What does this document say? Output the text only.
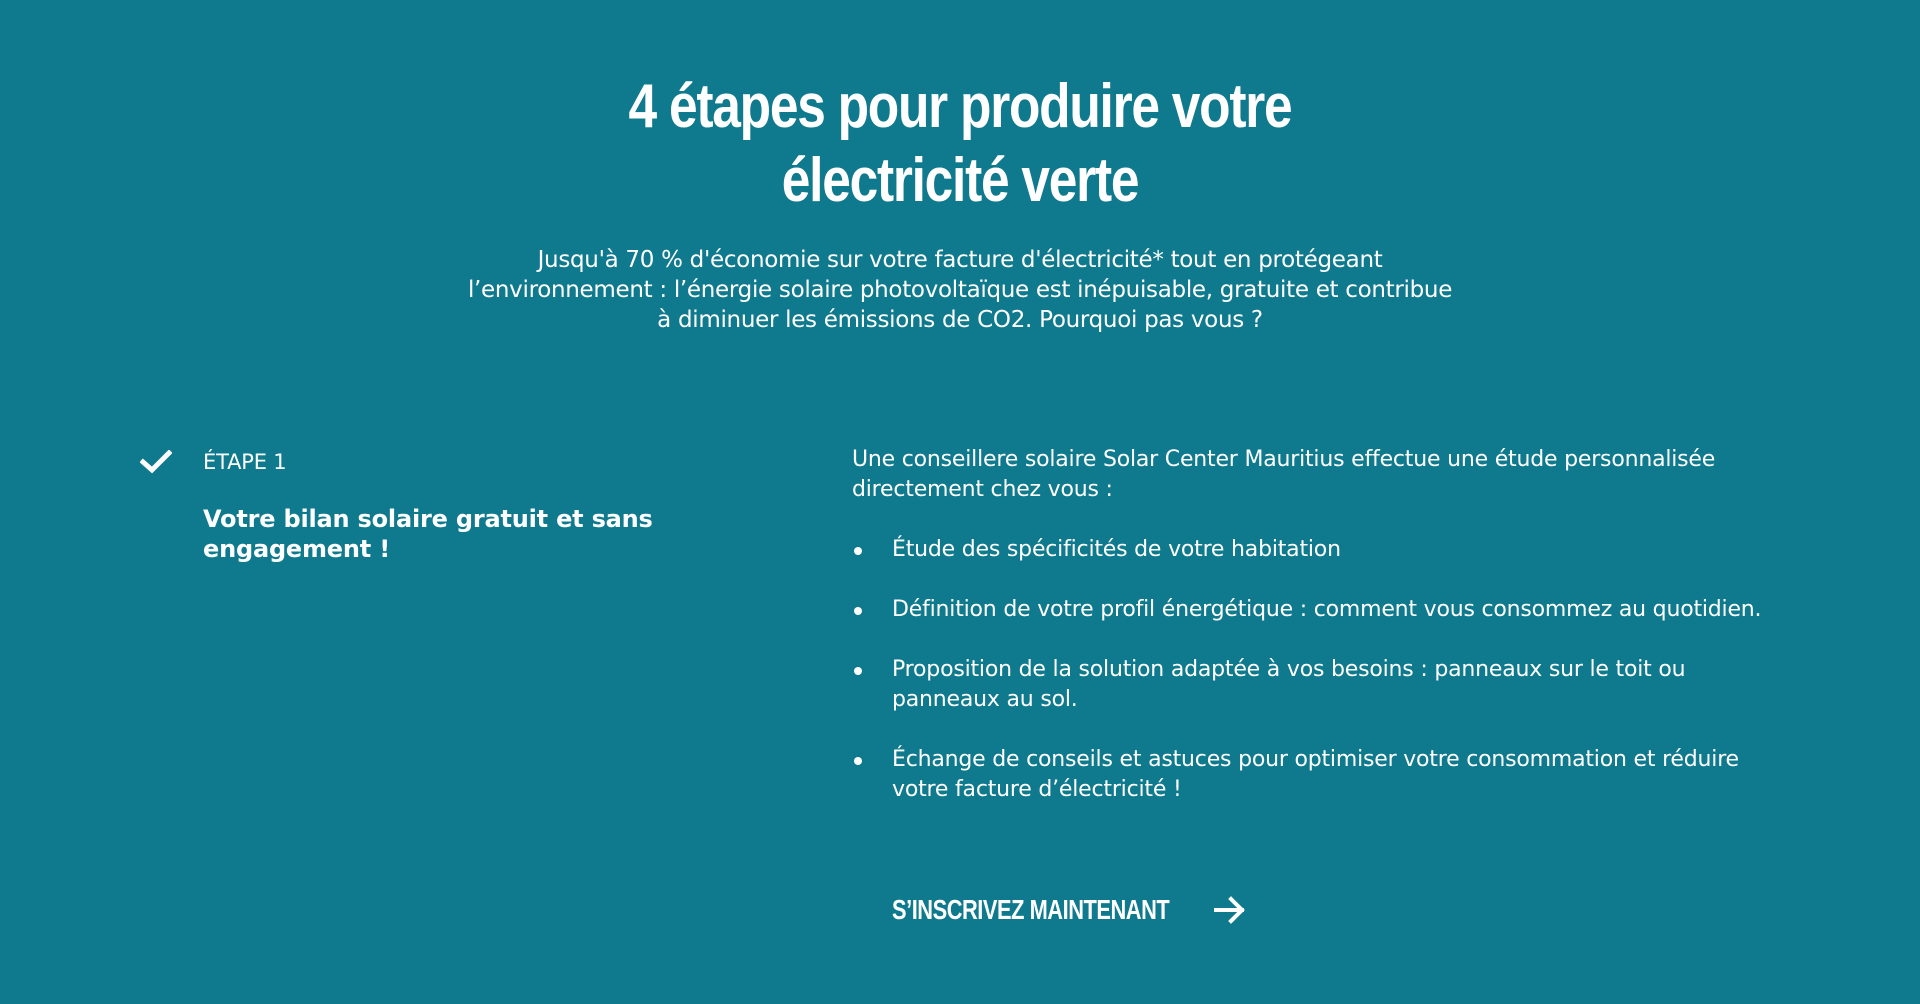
4 étapes pour produire votre
électricité verte

Jusqu'à 70 % d'économie sur votre facture d'électricité* tout en protégeant
l’environnement : l’énergie solaire photovoltaïque est inépuisable, gratuite et contribue
à diminuer les émissions de CO2. Pourquoi pas vous ?

ÉTAPE 1
Votre bilan solaire gratuit et sans engagement !

Une conseillere solaire Solar Center Mauritius effectue une étude personnalisée directement chez vous :

Étude des spécificités de votre habitation
Définition de votre profil énergétique : comment vous consommez au quotidien.
Proposition de la solution adaptée à vos besoins : panneaux sur le toit ou panneaux au sol.
Échange de conseils et astuces pour optimiser votre consommation et réduire votre facture d’électricité !
S’INSCRIVEZ MAINTENANT
